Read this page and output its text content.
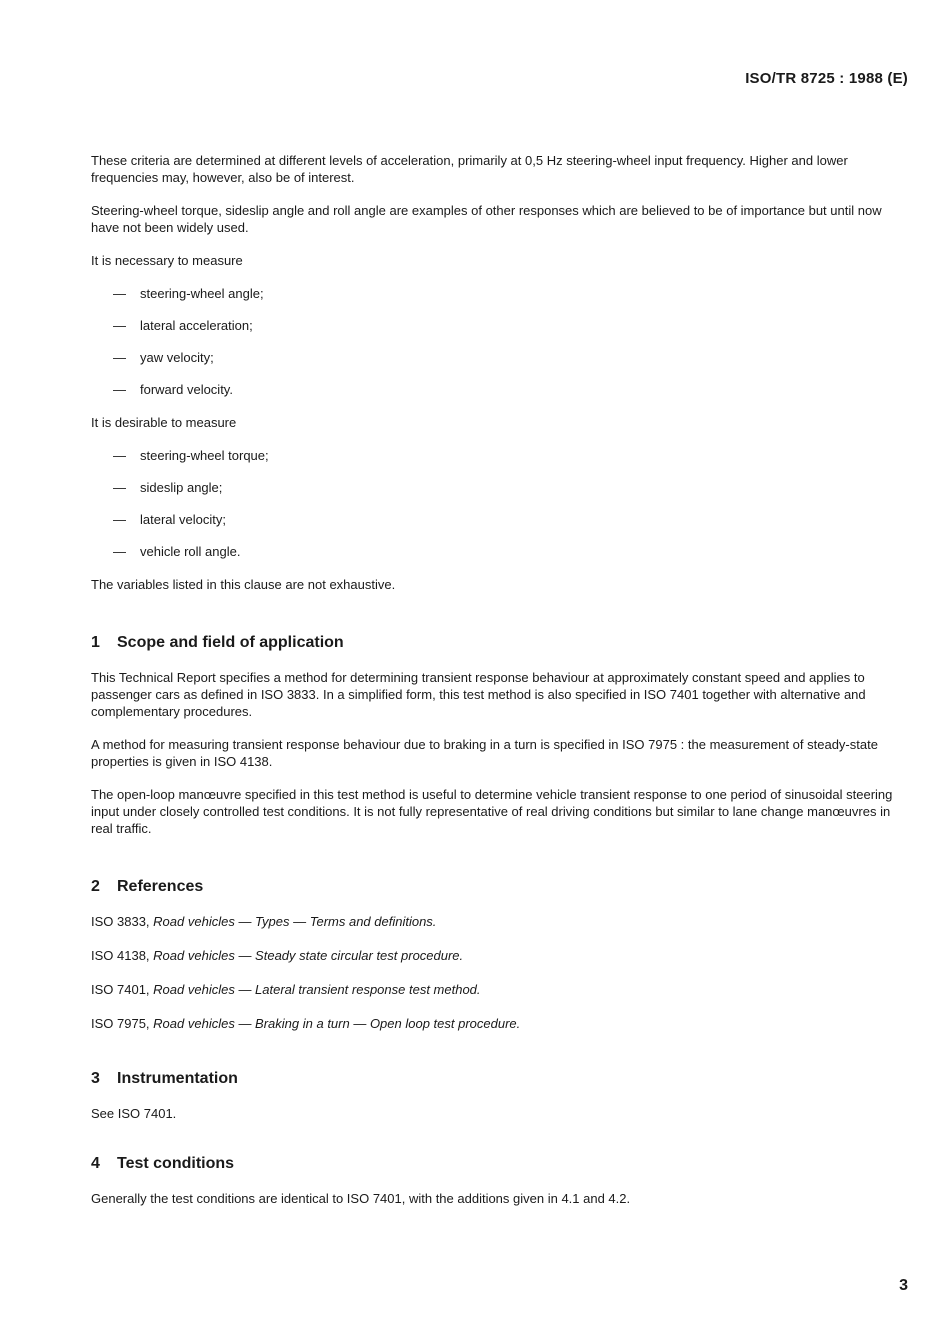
ISO/TR 8725 : 1988 (E)

These criteria are determined at different levels of acceleration, primarily at 0,5 Hz steering-wheel input frequency. Higher and lower frequencies may, however, also be of interest.

Steering-wheel torque, sideslip angle and roll angle are examples of other responses which are believed to be of importance but until now have not been widely used.

It is necessary to measure

— steering-wheel angle;
— lateral acceleration;
— yaw velocity;
— forward velocity.

It is desirable to measure

— steering-wheel torque;
— sideslip angle;
— lateral velocity;
— vehicle roll angle.

The variables listed in this clause are not exhaustive.

1 Scope and field of application

This Technical Report specifies a method for determining transient response behaviour at approximately constant speed and applies to passenger cars as defined in ISO 3833. In a simplified form, this test method is also specified in ISO 7401 together with alternative and complementary procedures.

A method for measuring transient response behaviour due to braking in a turn is specified in ISO 7975 : the measurement of steady-state properties is given in ISO 4138.

The open-loop manœuvre specified in this test method is useful to determine vehicle transient response to one period of sinusoidal steering input under closely controlled test conditions. It is not fully representative of real driving conditions but similar to lane change manœuvres in real traffic.

2 References

ISO 3833, Road vehicles — Types — Terms and definitions.

ISO 4138, Road vehicles — Steady state circular test procedure.

ISO 7401, Road vehicles — Lateral transient response test method.

ISO 7975, Road vehicles — Braking in a turn — Open loop test procedure.

3 Instrumentation

See ISO 7401.

4 Test conditions

Generally the test conditions are identical to ISO 7401, with the additions given in 4.1 and 4.2.

3
